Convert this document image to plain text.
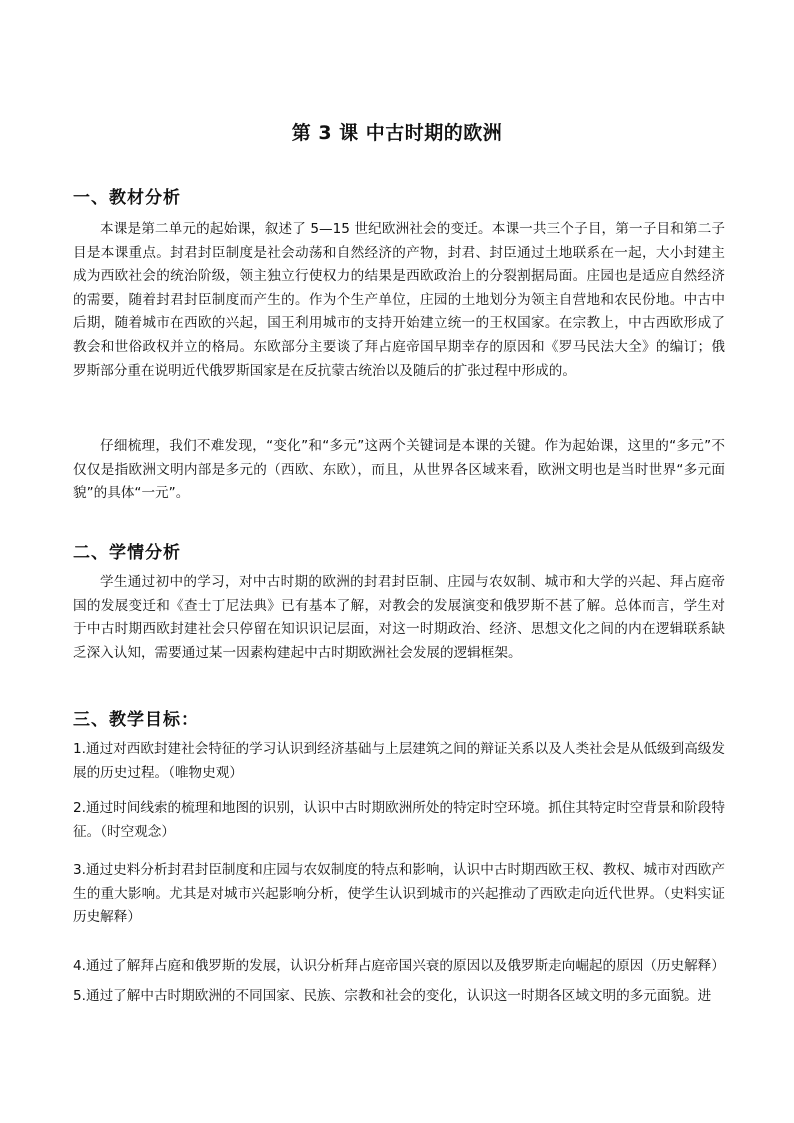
第 3 课 中古时期的欧洲
一、教材分析

本课是第二单元的起始课，叙述了 5—15 世纪欧洲社会的变迁。本课一共三个子目，第一子目和第二子目是本课重点。封君封臣制度是社会动荡和自然经济的产物，封君、封臣通过土地联系在一起，大小封建主成为西欧社会的统治阶级，领主独立行使权力的结果是西欧政治上的分裂割据局面。庄园也是适应自然经济的需要，随着封君封臣制度而产生的。作为个生产单位，庄园的土地划分为领主自营地和农民份地。中古中后期，随着城市在西欧的兴起，国王利用城市的支持开始建立统一的王权国家。在宗教上，中古西欧形成了教会和世俗政权并立的格局。东欧部分主要谈了拜占庭帝国早期幸存的原因和《罗马民法大全》的编订；俄罗斯部分重在说明近代俄罗斯国家是在反抗蒙古统治以及随后的扩张过程中形成的。

仔细梳理，我们不难发现，“变化”和“多元”这两个关键词是本课的关键。作为起始课，这里的“多元”不仅仅是指欧洲文明内部是多元的（西欧、东欧），而且，从世界各区域来看，欧洲文明也是当时世界“多元面貌”的具体“一元”。

二、学情分析

学生通过初中的学习，对中古时期的欧洲的封君封臣制、庄园与农奴制、城市和大学的兴起、拜占庭帝国的发展变迁和《查士丁尼法典》已有基本了解，对教会的发展演变和俄罗斯不甚了解。总体而言，学生对于中古时期西欧封建社会只停留在知识识记层面，对这一时期政治、经济、思想文化之间的内在逻辑联系缺乏深入认知，需要通过某一因素构建起中古时期欧洲社会发展的逻辑框架。

三、教学目标：

1.通过对西欧封建社会特征的学习认识到经济基础与上层建筑之间的辩证关系以及人类社会是从低级到高级发展的历史过程。（唯物史观）

2.通过时间线索的梳理和地图的识别，认识中古时期欧洲所处的特定时空环境。抓住其特定时空背景和阶段特征。（时空观念）

3.通过史料分析封君封臣制度和庄园与农奴制度的特点和影响，认识中古时期西欧王权、教权、城市对西欧产生的重大影响。尤其是对城市兴起影响分析，使学生认识到城市的兴起推动了西欧走向近代世界。（史料实证　　历史解释）

4.通过了解拜占庭和俄罗斯的发展，认识分析拜占庭帝国兴衰的原因以及俄罗斯走向崛起的原因（历史解释）

5.通过了解中古时期欧洲的不同国家、民族、宗教和社会的变化，认识这一时期各区域文明的多元面貌。进
